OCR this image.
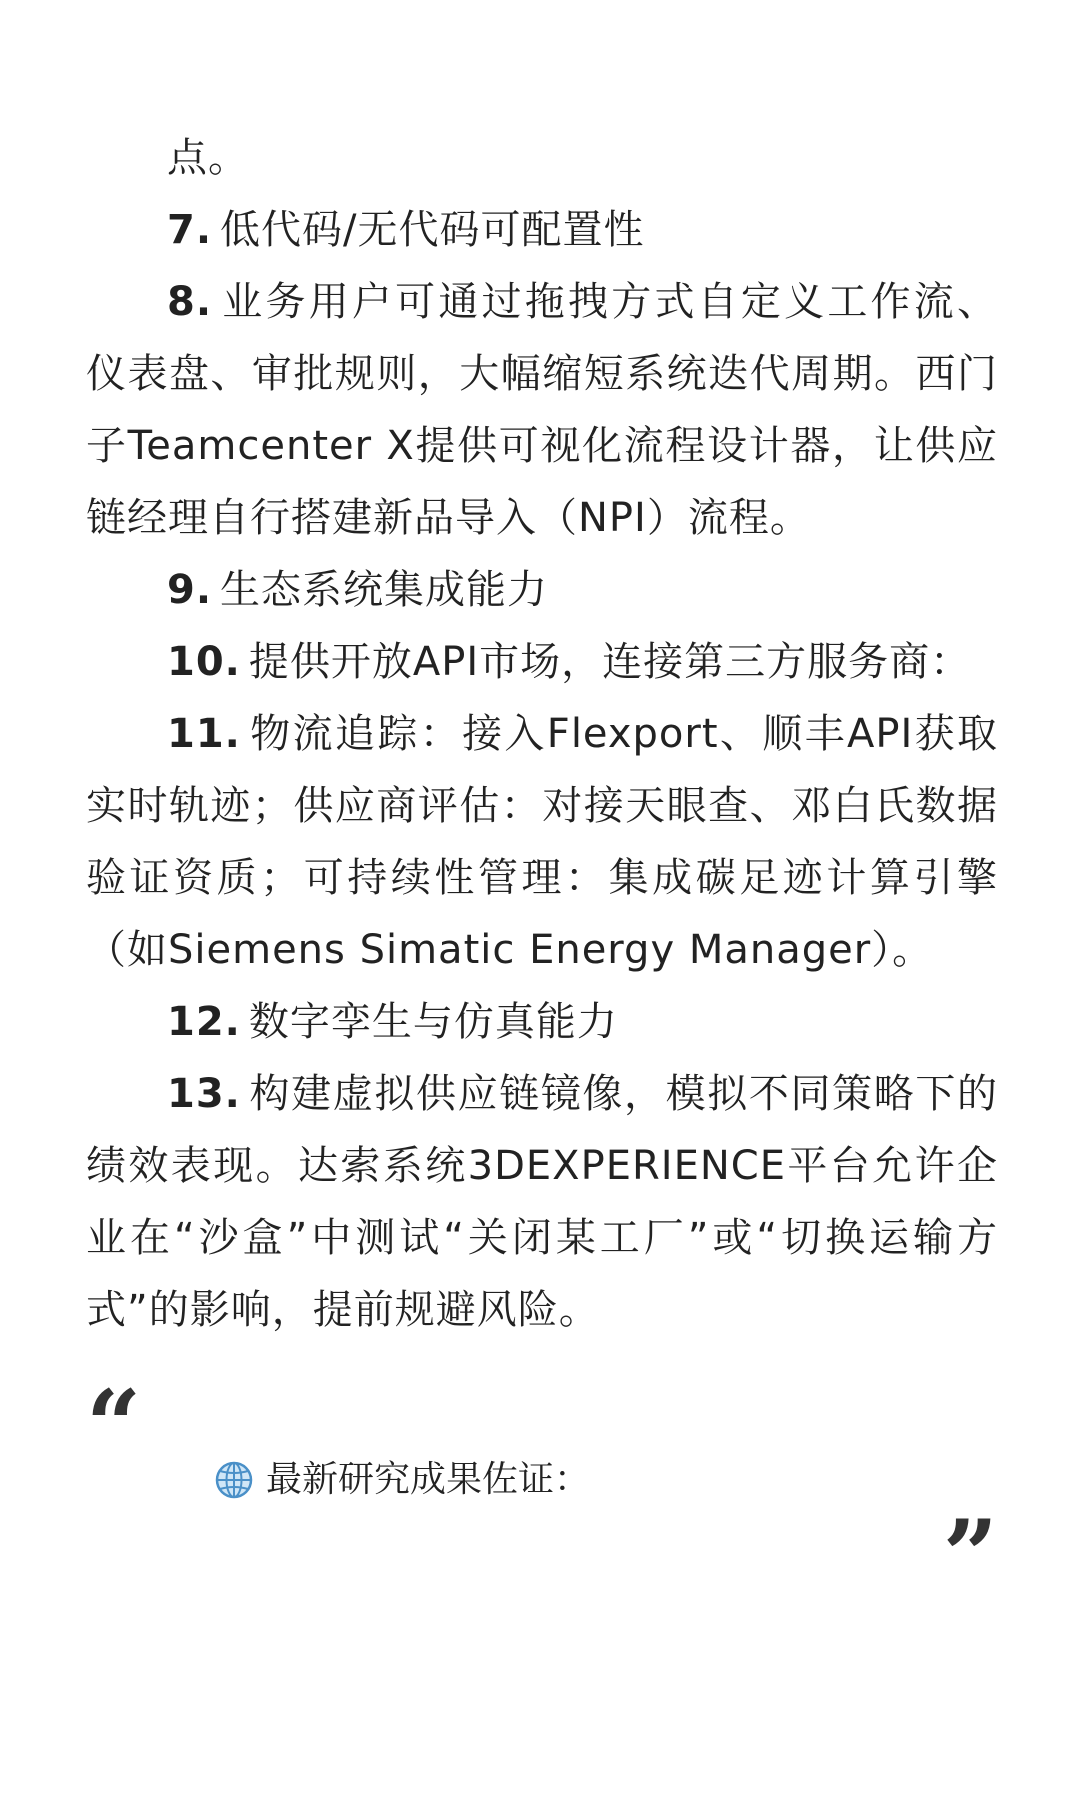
点。

7. 低代码/无代码可配置性

8. 业务用户可通过拖拽方式自定义工作流、仪表盘、审批规则，大幅缩短系统迭代周期。西门子Teamcenter X提供可视化流程设计器，让供应链经理自行搭建新品导入（NPI）流程。

9. 生态系统集成能力

10. 提供开放API市场，连接第三方服务商：

11. 物流追踪：接入Flexport、顺丰API获取实时轨迹；供应商评估：对接天眼查、邓白氏数据验证资质；可持续性管理：集成碳足迹计算引擎（如Siemens Simatic Energy Manager）。

12. 数字孪生与仿真能力

13. 构建虚拟供应链镜像，模拟不同策略下的绩效表现。达索系统3DEXPERIENCE平台允许企业在“沙盒”中测试“关闭某工厂”或“切换运输方式”的影响，提前规避风险。

“	最新研究成果佐证：
”
